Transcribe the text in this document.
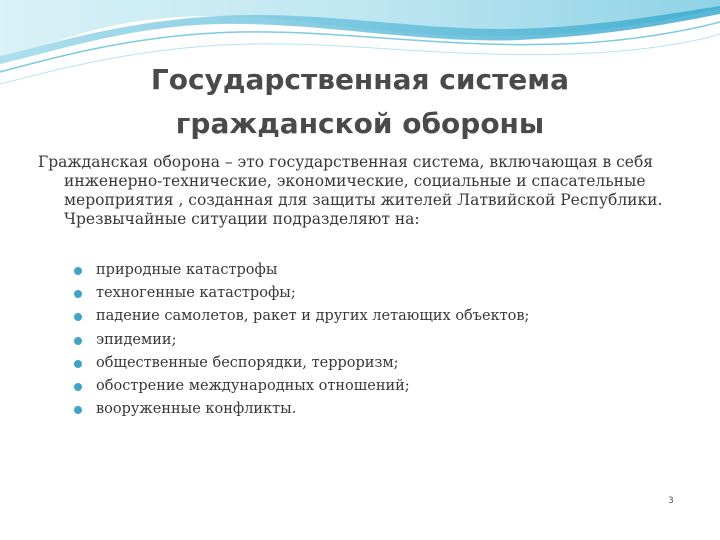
Государственная система
гражданской обороны

Гражданская оборона – это государственная система, включающая в себя инженерно-технические, экономические, социальные и спасательные мероприятия , созданная для защиты жителей Латвийской Республики. Чрезвычайные ситуации подразделяют на:

природные катастрофы
техногенные катастрофы;
падение самолетов, ракет и других летающих объектов;
эпидемии;
общественные беспорядки, терроризм;
обострение международных отношений;
вооруженные конфликты.
3
